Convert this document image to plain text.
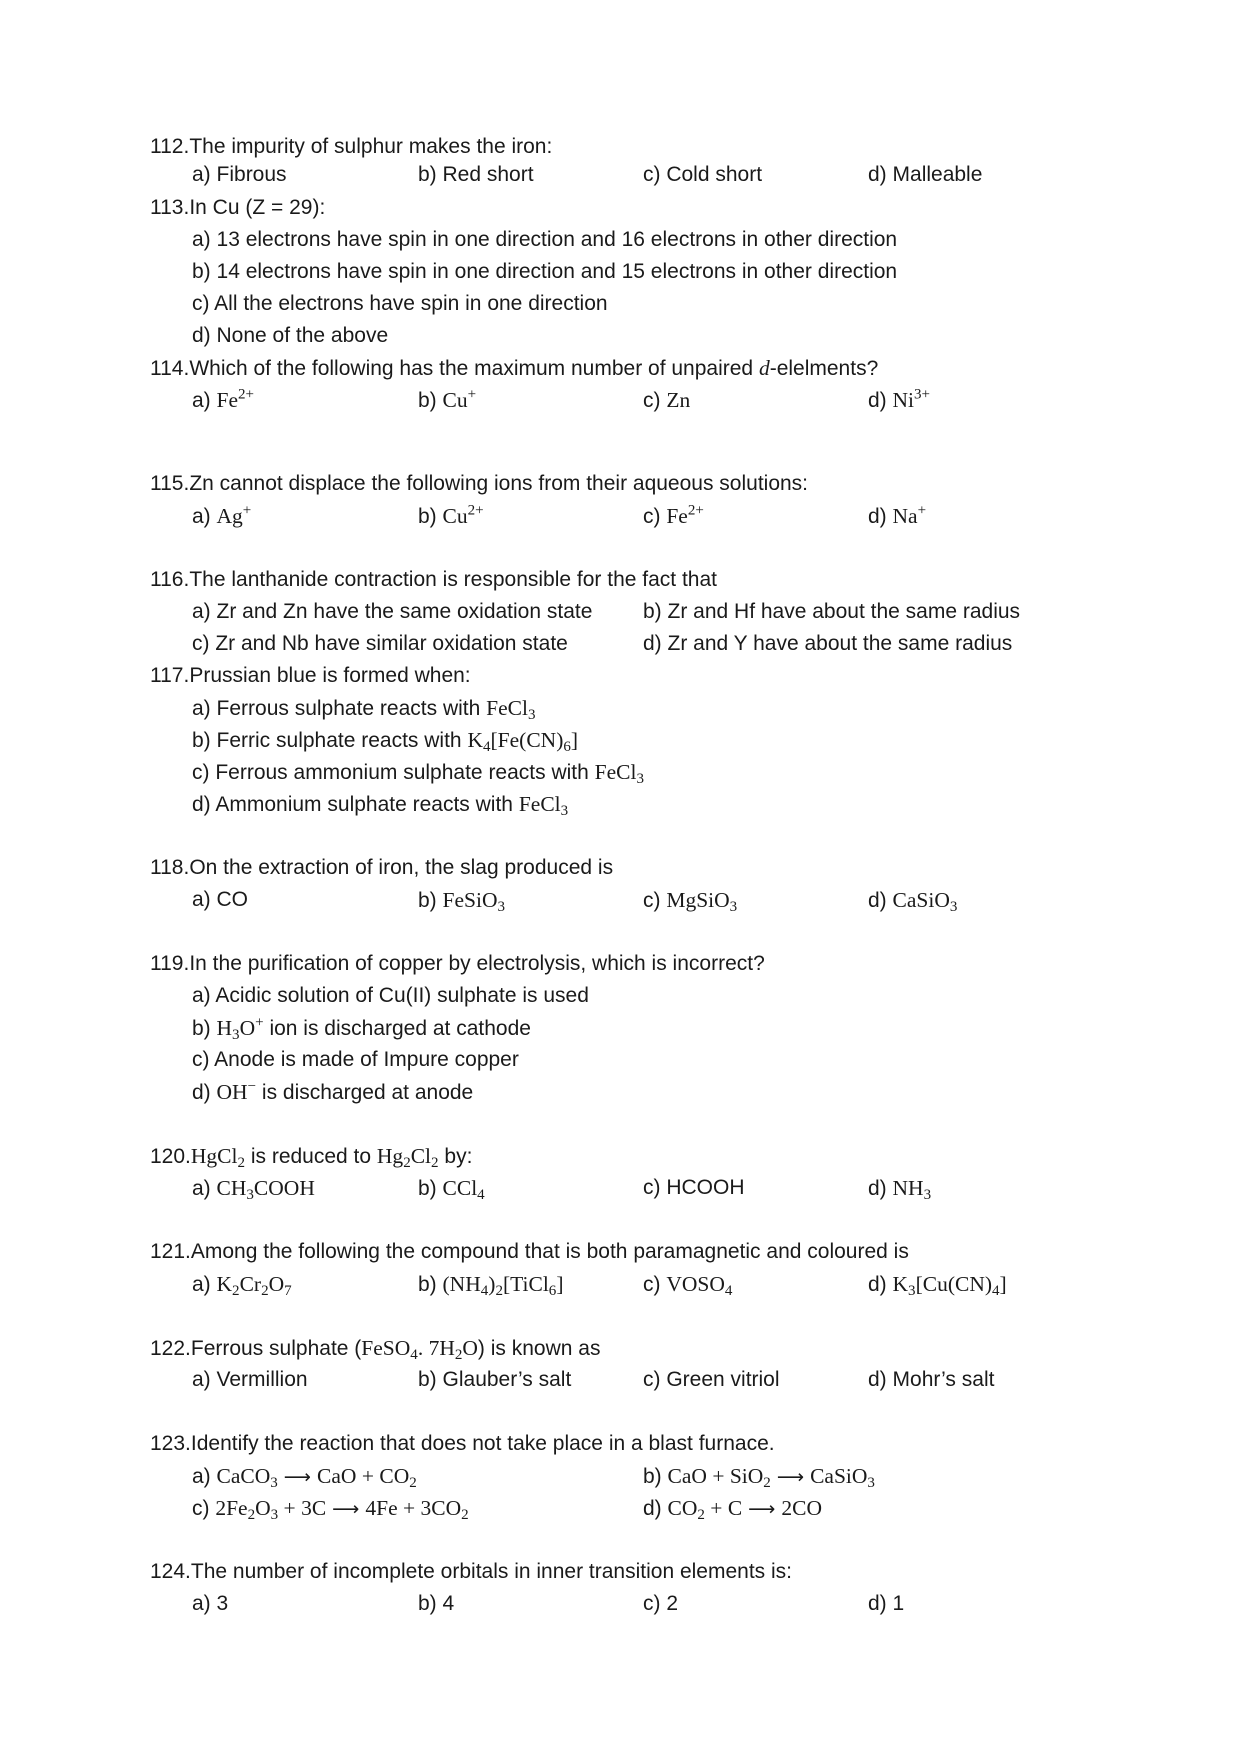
112.The impurity of sulphur makes the iron:
a) Fibrous	b) Red short	c) Cold short	d) Malleable
113.In Cu (Z = 29):
a) 13 electrons have spin in one direction and 16 electrons in other direction
b) 14 electrons have spin in one direction and 15 electrons in other direction
c) All the electrons have spin in one direction
d) None of the above
114.Which of the following has the maximum number of unpaired d-elelments?
a) $Fe^{2+}$	b) Cu+	c) Zn	d) $Ni^{3+}$
115.Zn cannot displace the following ions from their aqueous solutions:
a) Ag+	b) $Cu^{2+}$	c) $Fe^{2+}$	d) Na+
116.The lanthanide contraction is responsible for the fact that
a) Zr and Zn have the same oxidation state b) Zr and Hf have about the same radius
c) Zr and Nb have similar oxidation state	d) Zr and Y have about the same radius
117.Prussian blue is formed when:
a) Ferrous sulphate reacts with FeCl$_3$
b) Ferric sulphate reacts with $K_4[Fe(CN)_6]$
c) Ferrous ammonium sulphate reacts with FeCl$_3$
d) Ammonium sulphate reacts with FeCl$_3$
118.On the extraction of iron, the slag produced is
a) CO	b) FeSiO$_3$	c) MgSiO$_3$	d) CaSiO$_3$
119.In the purification of copper by electrolysis, which is incorrect?
a) Acidic solution of Cu(II) sulphate is used
b) $H_3O^+$ ion is discharged at cathode
c) Anode is made of Impure copper
d) OH− is discharged at anode
120.HgCl$_2$ is reduced to $Hg_2Cl_2$ by:
a) $CH_3COOH$	b) CCl$_4$	c) HCOOH	d) $NH_3$
121.Among the following the compound that is both paramagnetic and coloured is
a) $K_2Cr_2O_7$	b) $(NH_4)_2[TiCl_6]$	c) $VOSO_4$	d) $K_3[Cu(CN)_4]$
122.Ferrous sulphate (FeSO$_4$. $7H_2O$) is known as
a) Vermillion	b) Glauber’s salt	c) Green vitriol	d) Mohr’s salt
123.Identify the reaction that does not take place in a blast furnace.
a) CaCO$_3$ ⟶ CaO + $CO_2$	b) CaO + SiO$_2$ ⟶ CaSiO$_3$
c) $2Fe_2O_3 + 3C$ ⟶ $4Fe + 3CO_2$	d) $CO_2 + C$ ⟶ 2CO
124.The number of incomplete orbitals in inner transition elements is:
a) 3	b) 4	c) 2	d) 1
